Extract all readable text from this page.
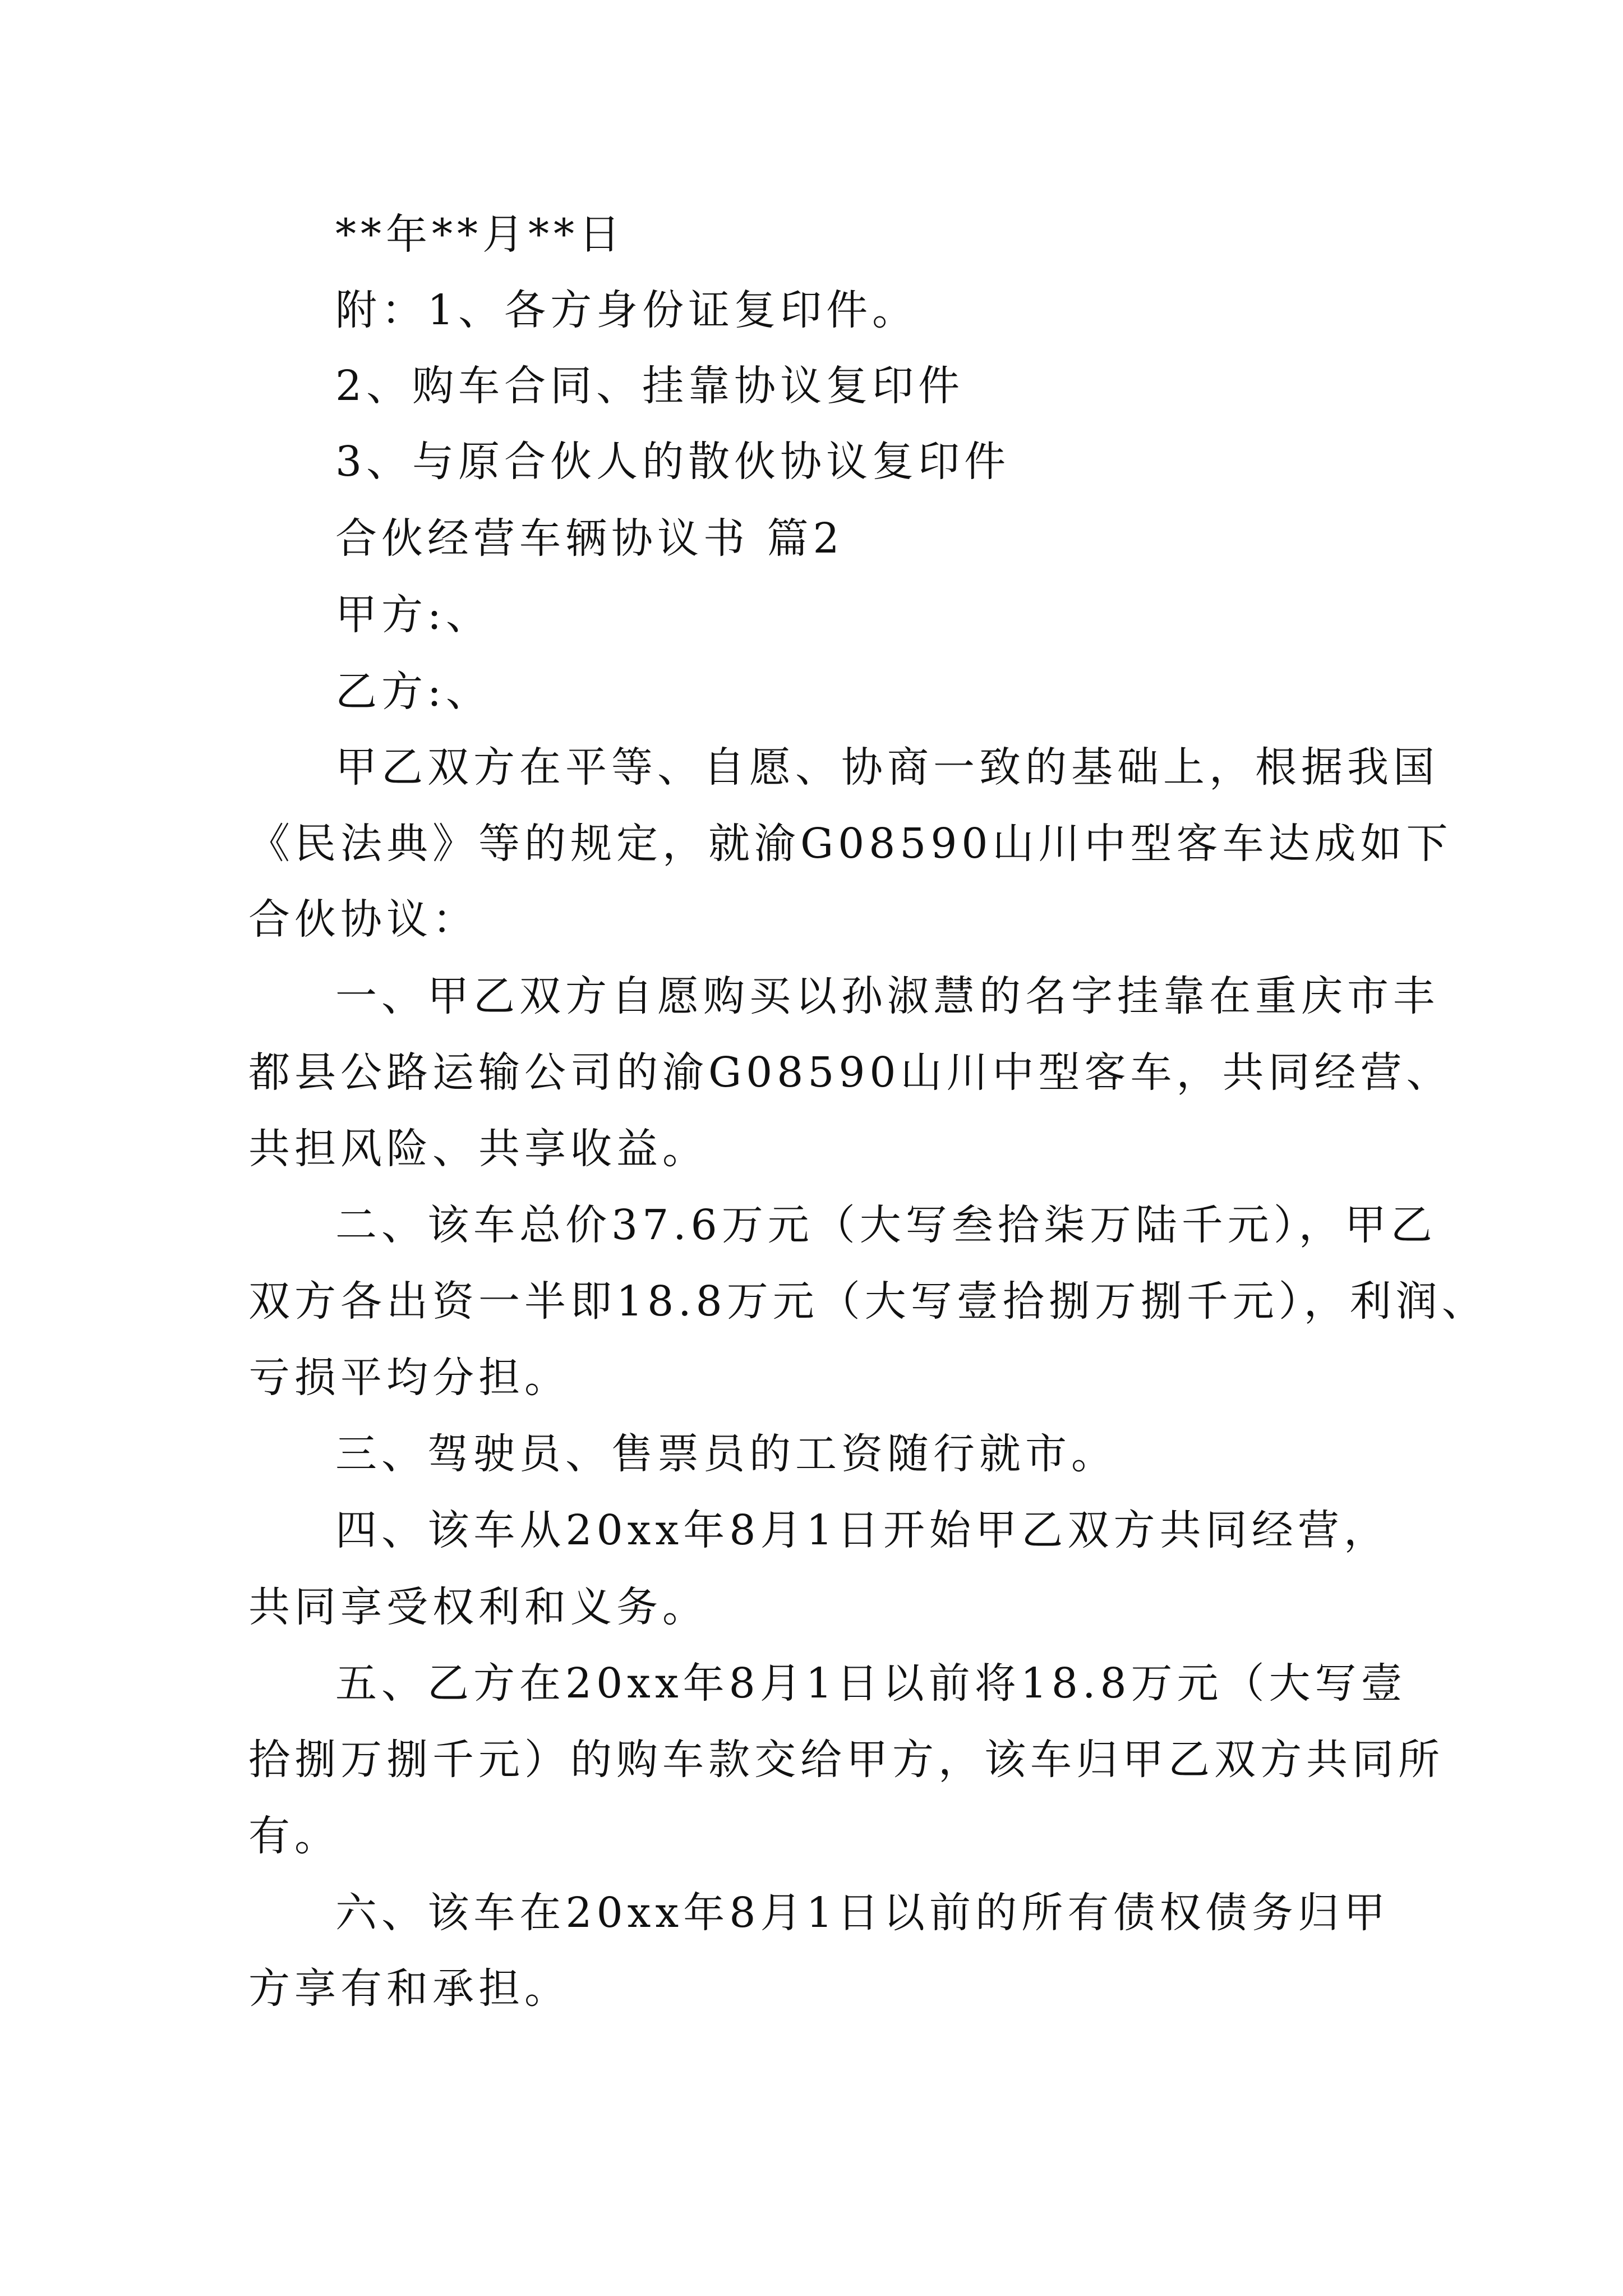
**年**月**日
附：1、各方身份证复印件。
2、购车合同、挂靠协议复印件
3、与原合伙人的散伙协议复印件
合伙经营车辆协议书 篇2
甲方:、
乙方:、
甲乙双方在平等、自愿、协商一致的基础上，根据我国
《民法典》等的规定，就渝G08590山川中型客车达成如下
合伙协议：
一、甲乙双方自愿购买以孙淑慧的名字挂靠在重庆市丰
都县公路运输公司的渝G08590山川中型客车，共同经营、
共担风险、共享收益。
二、该车总价37.6万元（大写叁拾柒万陆千元），甲乙
双方各出资一半即18.8万元（大写壹拾捌万捌千元），利润、
亏损平均分担。
三、驾驶员、售票员的工资随行就市。
四、该车从20xx年8月1日开始甲乙双方共同经营，
共同享受权利和义务。
五、乙方在20xx年8月1日以前将18.8万元（大写壹
拾捌万捌千元）的购车款交给甲方，该车归甲乙双方共同所
有。
六、该车在20xx年8月1日以前的所有债权债务归甲
方享有和承担。
